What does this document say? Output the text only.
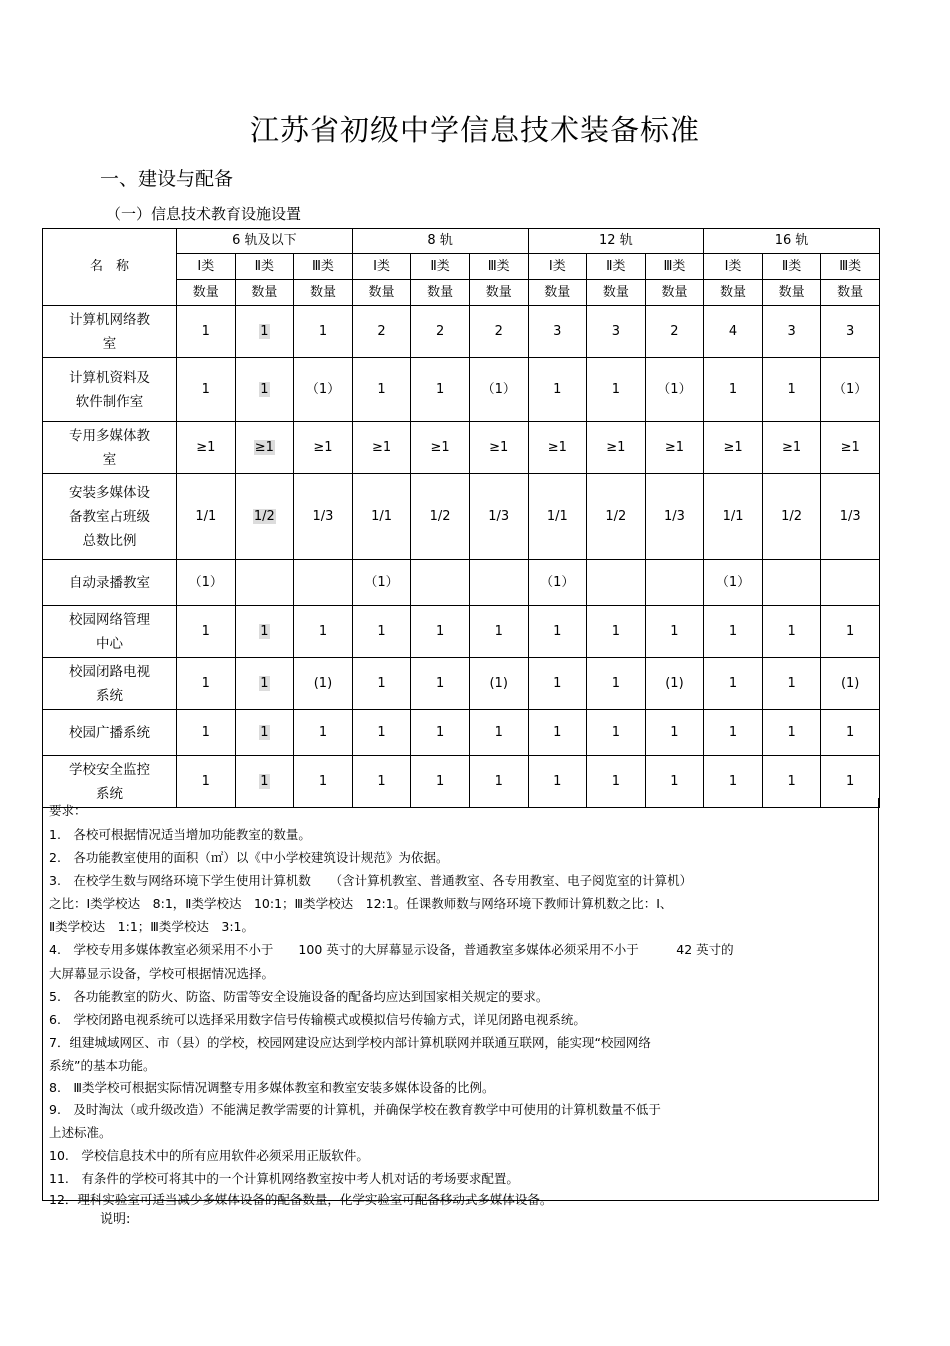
江苏省初级中学信息技术装备标准
一、建设与配备
（一）信息技术教育设施设置
名　称	6 轨及以下			8 轨			12 轨			16 轨		
	Ⅰ类	Ⅱ类	Ⅲ类	Ⅰ类	Ⅱ类	Ⅲ类	Ⅰ类	Ⅱ类	Ⅲ类	Ⅰ类	Ⅱ类	Ⅲ类
	数量	数量	数量	数量	数量	数量	数量	数量	数量	数量	数量	数量
计算机网络教
室	1	1	1	2	2	2	3	3	2	4	3	3
计算机资料及
软件制作室	1	1	（1）	1	1	（1）	1	1	（1）	1	1	（1）
专用多媒体教
室	≥1	≥1	≥1	≥1	≥1	≥1	≥1	≥1	≥1	≥1	≥1	≥1
安装多媒体设
备教室占班级
总数比例	1/1	1/2	1/3	1/1	1/2	1/3	1/1	1/2	1/3	1/1	1/2	1/3
自动录播教室	（1）			（1）			（1）			（1）		
校园网络管理
中心	1	1	1	1	1	1	1	1	1	1	1	1
校园闭路电视
系统	1	1	(1)	1	1	(1)	1	1	(1)	1	1	(1)
校园广播系统	1	1	1	1	1	1	1	1	1	1	1	1
学校安全监控
系统	1	1	1	1	1	1	1	1	1	1	1	1
要求：
1.　各校可根据情况适当增加功能教室的数量。
2.　各功能教室使用的面积（㎡）以《中小学校建筑设计规范》为依据。
3.　在校学生数与网络环境下学生使用计算机数　　（含计算机教室、普通教室、各专用教室、电子阅览室的计算机）
之比：Ⅰ类学校达　8:1，Ⅱ类学校达　10:1；Ⅲ类学校达　12:1。任课教师数与网络环境下教师计算机数之比：Ⅰ、
Ⅱ类学校达　1:1；Ⅲ类学校达　3:1。
4.　学校专用多媒体教室必须采用不小于　　100 英寸的大屏幕显示设备，普通教室多媒体必须采用不小于　　　42 英寸的
大屏幕显示设备，学校可根据情况选择。
5.　各功能教室的防火、防盗、防雷等安全设施设备的配备均应达到国家相关规定的要求。
6.　学校闭路电视系统可以选择采用数字信号传输模式或模拟信号传输方式，详见闭路电视系统。
7．组建城域网区、市（县）的学校，校园网建设应达到学校内部计算机联网并联通互联网，能实现“校园网络
系统”的基本功能。
8.　Ⅲ类学校可根据实际情况调整专用多媒体教室和教室安装多媒体设备的比例。
9.　及时淘汰（或升级改造）不能满足教学需要的计算机，并确保学校在教育教学中可使用的计算机数量不低于
上述标准。
10.　学校信息技术中的所有应用软件必须采用正版软件。
11.　有条件的学校可将其中的一个计算机网络教室按中考人机对话的考场要求配置。
12．理科实验室可适当减少多媒体设备的配备数量，化学实验室可配备移动式多媒体设备。
说明:
